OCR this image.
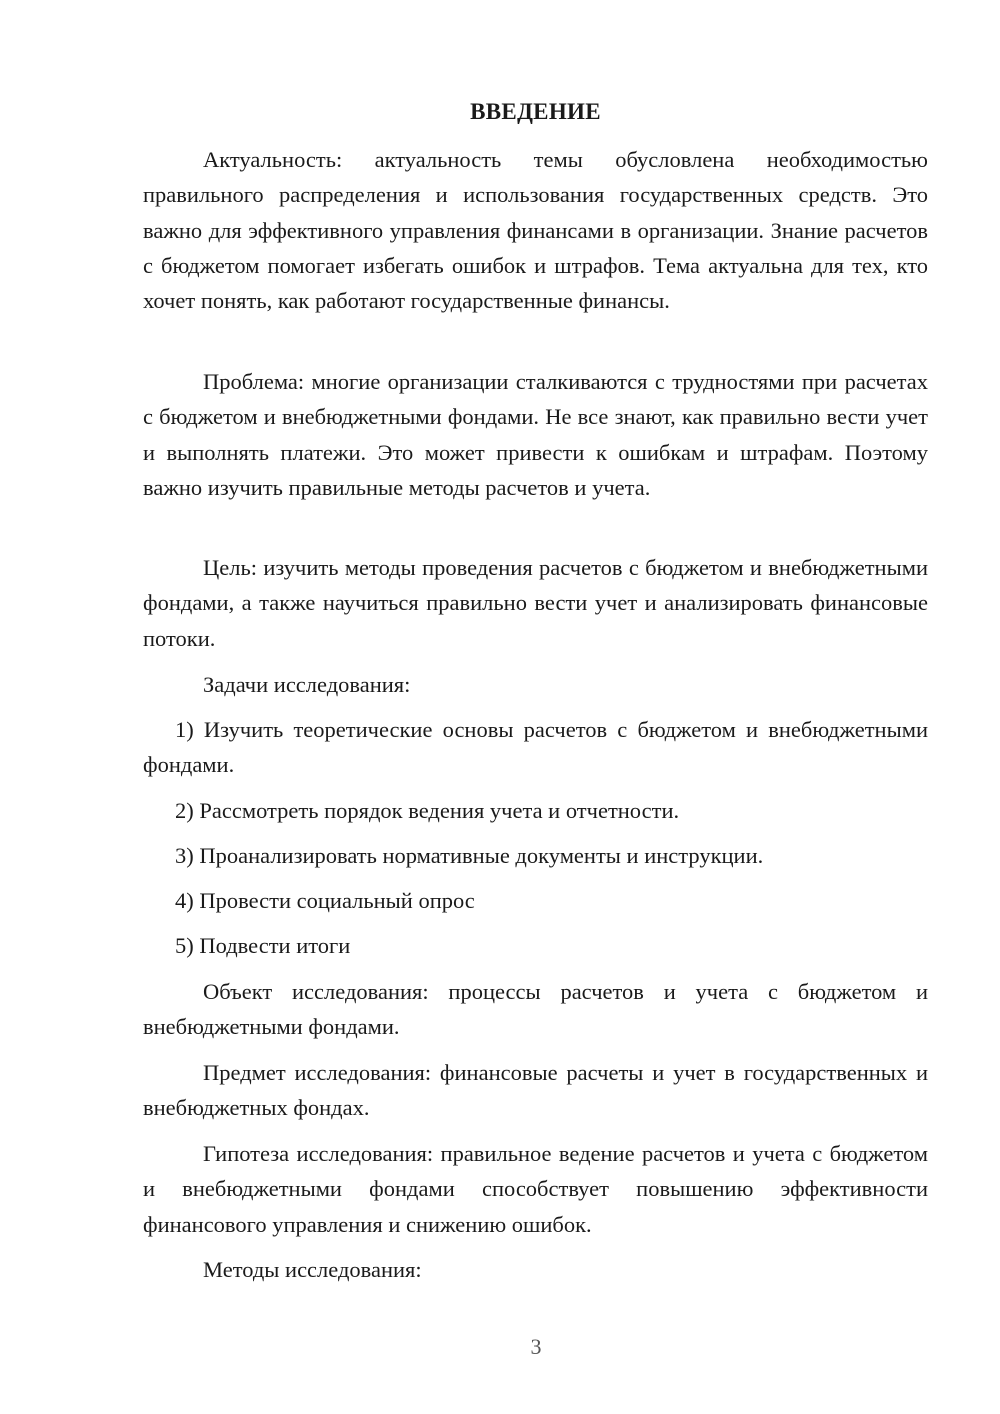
ВВЕДЕНИЕ

Актуальность: актуальность темы обусловлена необходимостью правильного распределения и использования государственных средств. Это важно для эффективного управления финансами в организации. Знание расчетов с бюджетом помогает избегать ошибок и штрафов. Тема актуальна для тех, кто хочет понять, как работают государственные финансы.

Проблема: многие организации сталкиваются с трудностями при расчетах с бюджетом и внебюджетными фондами. Не все знают, как правильно вести учет и выполнять платежи. Это может привести к ошибкам и штрафам. Поэтому важно изучить правильные методы расчетов и учета.

Цель: изучить методы проведения расчетов с бюджетом и внебюджетными фондами, а также научиться правильно вести учет и анализировать финансовые потоки.

Задачи исследования:

1) Изучить теоретические основы расчетов с бюджетом и внебюджетными фондами.

2) Рассмотреть порядок ведения учета и отчетности.

3) Проанализировать нормативные документы и инструкции.

4) Провести социальный опрос

5) Подвести итоги

Объект исследования: процессы расчетов и учета с бюджетом и внебюджетными фондами.

Предмет исследования: финансовые расчеты и учет в государственных и внебюджетных фондах.

Гипотеза исследования: правильное ведение расчетов и учета с бюджетом и внебюджетными фондами способствует повышению эффективности финансового управления и снижению ошибок.

Методы исследования:

3
